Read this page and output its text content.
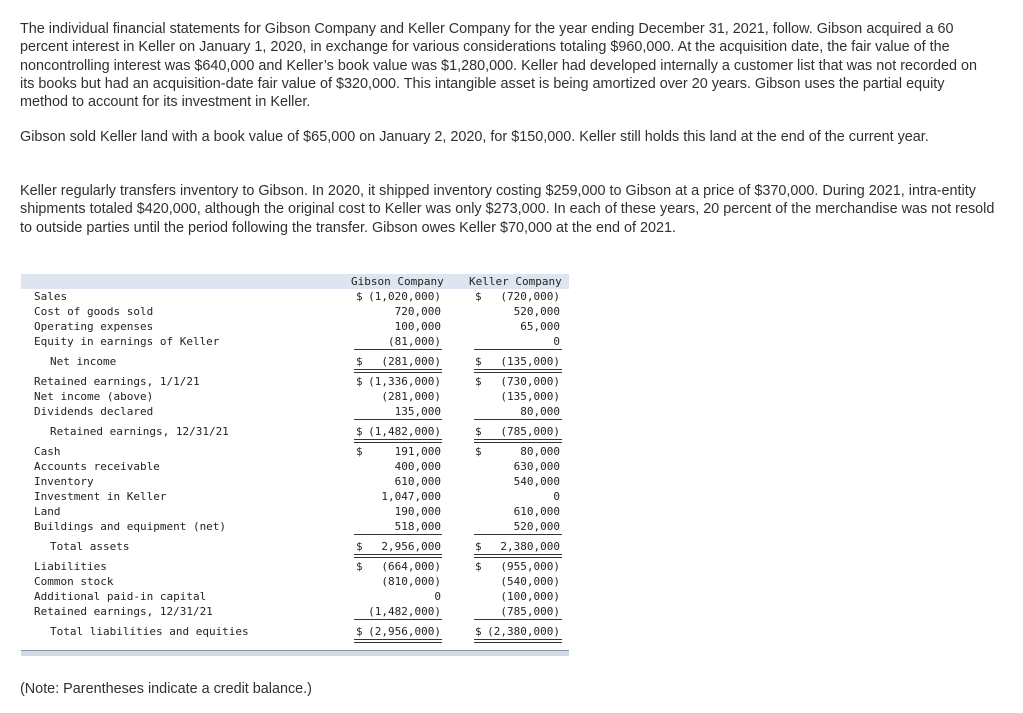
The individual financial statements for Gibson Company and Keller Company for the year ending December 31, 2021, follow. Gibson acquired a 60 percent interest in Keller on January 1, 2020, in exchange for various considerations totaling $960,000. At the acquisition date, the fair value of the noncontrolling interest was $640,000 and Keller’s book value was $1,280,000. Keller had developed internally a customer list that was not recorded on its books but had an acquisition-date fair value of $320,000. This intangible asset is being amortized over 20 years. Gibson uses the partial equity method to account for its investment in Keller.

Gibson sold Keller land with a book value of $65,000 on January 2, 2020, for $150,000. Keller still holds this land at the end of the current year.

Keller regularly transfers inventory to Gibson. In 2020, it shipped inventory costing $259,000 to Gibson at a price of $370,000. During 2021, intra-entity shipments totaled $420,000, although the original cost to Keller was only $273,000. In each of these years, 20 percent of the merchandise was not resold to outside parties until the period following the transfer. Gibson owes Keller $70,000 at the end of 2021.

Gibson Company Keller Company
Sales	$ (1,020,000)	$	(720,000)
Cost of goods sold	720,000	520,000
Operating expenses	100,000	65,000
Equity in earnings of Keller	(81,000)	0
Net income	$	(281,000)	$	(135,000)
Retained earnings, 1/1/21	$ (1,336,000)	$	(730,000)
Net income (above)	(281,000)	(135,000)
Dividends declared	135,000	80,000
Retained earnings, 12/31/21	$ (1,482,000)	$	(785,000)
Cash	$	191,000	$	80,000
Accounts receivable	400,000	630,000
Inventory	610,000	540,000
Investment in Keller	1,047,000	0
Land	190,000	610,000
Buildings and equipment (net)	518,000	520,000
Total assets	$	2,956,000	$	2,380,000
Liabilities	$	(664,000)	$	(955,000)
Common stock	(810,000)	(540,000)
Additional paid-in capital	0	(100,000)
Retained earnings, 12/31/21	(1,482,000)	(785,000)
Total liabilities and equities	$ (2,956,000)	$ (2,380,000)
(Note: Parentheses indicate a credit balance.)
